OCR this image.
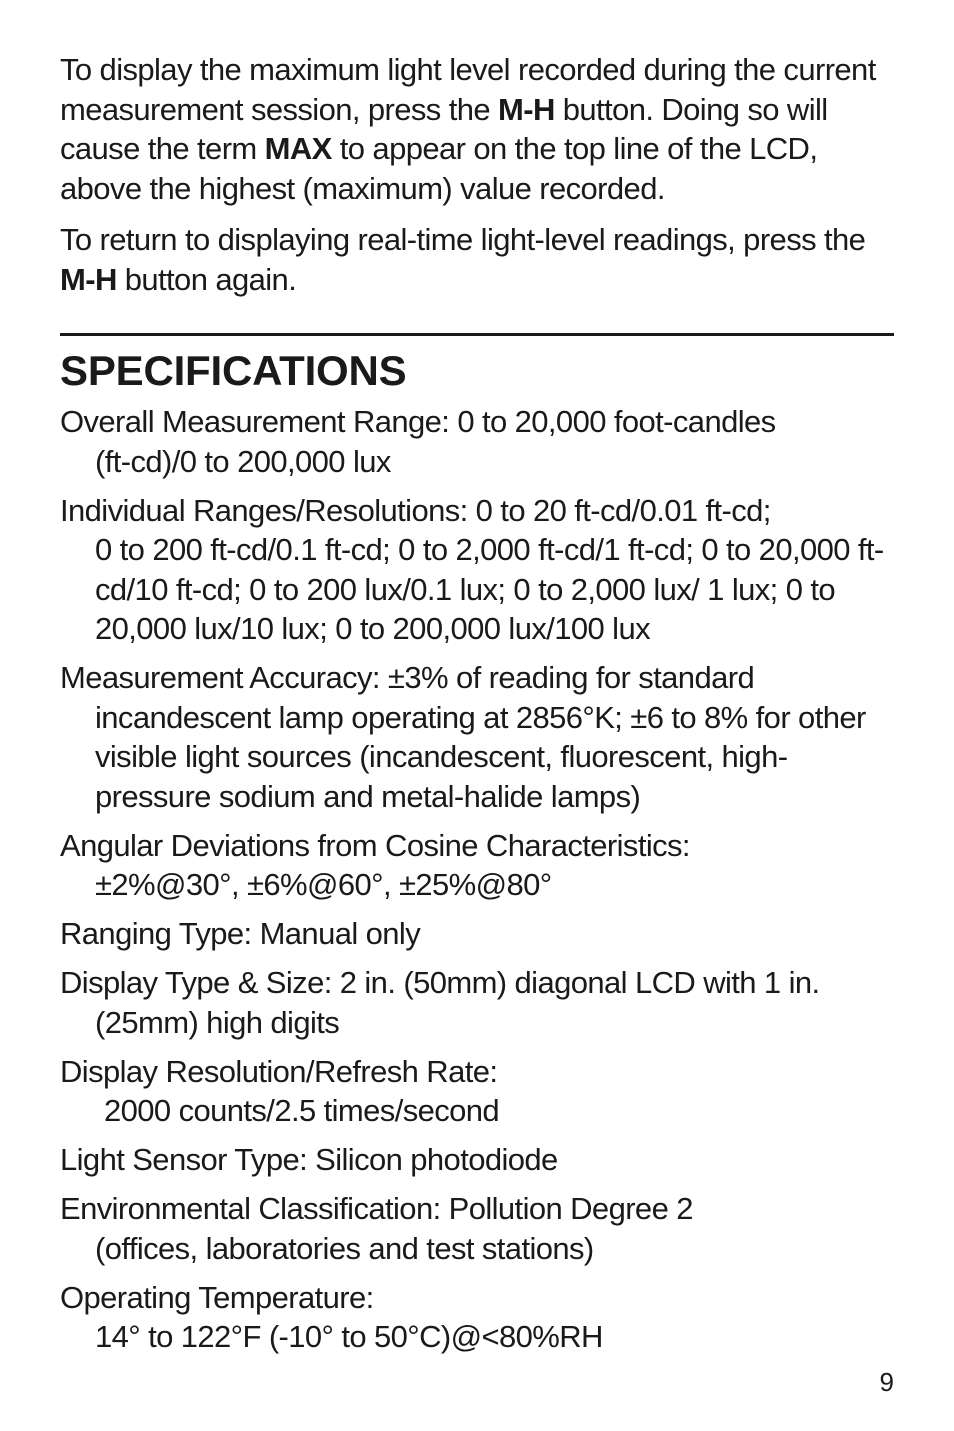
To display the maximum light level recorded during the current measurement session, press the M-H button. Doing so will cause the term MAX to appear on the top line of the LCD, above the highest (maximum) value recorded.

To return to displaying real-time light-level readings, press the M-H button again.

SPECIFICATIONS
Overall Measurement Range: 0 to 20,000 foot-candles
(ft-cd)/0 to 200,000 lux
Individual Ranges/Resolutions: 0 to 20 ft-cd/0.01 ft-cd;
0 to 200 ft-cd/0.1 ft-cd; 0 to 2,000 ft-cd/1 ft-cd; 0 to 20,000 ft-cd/10 ft-cd; 0 to 200 lux/0.1 lux; 0 to 2,000 lux/ 1 lux; 0 to 20,000 lux/10 lux; 0 to 200,000 lux/100 lux
Measurement Accuracy: ±3% of reading for standard
incandescent lamp operating at 2856°K; ±6 to 8% for other visible light sources (incandescent, fluorescent, high-pressure sodium and metal-halide lamps)
Angular Deviations from Cosine Characteristics:
±2%@30°, ±6%@60°, ±25%@80°
Ranging Type: Manual only
Display Type & Size: 2 in. (50mm) diagonal LCD with 1 in.
(25mm) high digits
Display Resolution/Refresh Rate:
2000 counts/2.5 times/second
Light Sensor Type: Silicon photodiode
Environmental Classification: Pollution Degree 2
(offices, laboratories and test stations)
Operating Temperature:
14° to 122°F (-10° to 50°C)@<80%RH
9
